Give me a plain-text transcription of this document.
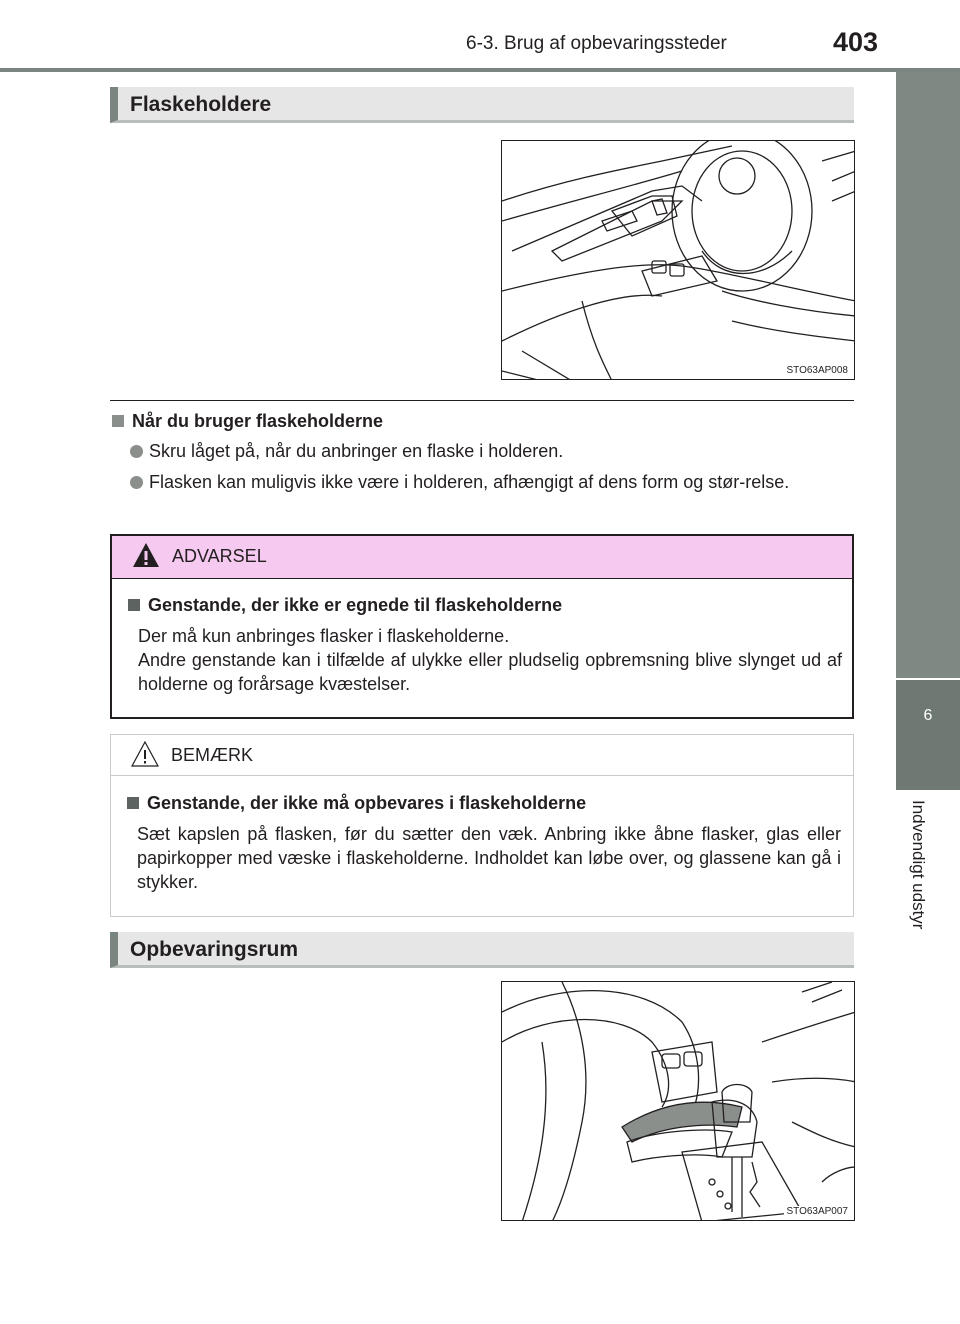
6-3. Brug af opbevaringssteder	403
6
Indvendigt udstyr
Flaskeholdere
STO63AP008
Når du bruger flaskeholderne
Skru låget på, når du anbringer en flaske i holderen.
Flasken kan muligvis ikke være i holderen, afhængigt af dens form og stør-relse.
ADVARSEL
Genstande, der ikke er egnede til flaskeholderne
Der må kun anbringes flasker i flaskeholderne.
Andre genstande kan i tilfælde af ulykke eller pludselig opbremsning blive slynget ud af holderne og forårsage kvæstelser.
BEMÆRK
Genstande, der ikke må opbevares i flaskeholderne
Sæt kapslen på flasken, før du sætter den væk. Anbring ikke åbne flasker, glas eller papirkopper med væske i flaskeholderne. Indholdet kan løbe over, og glassene kan gå i stykker.
Opbevaringsrum
STO63AP007
